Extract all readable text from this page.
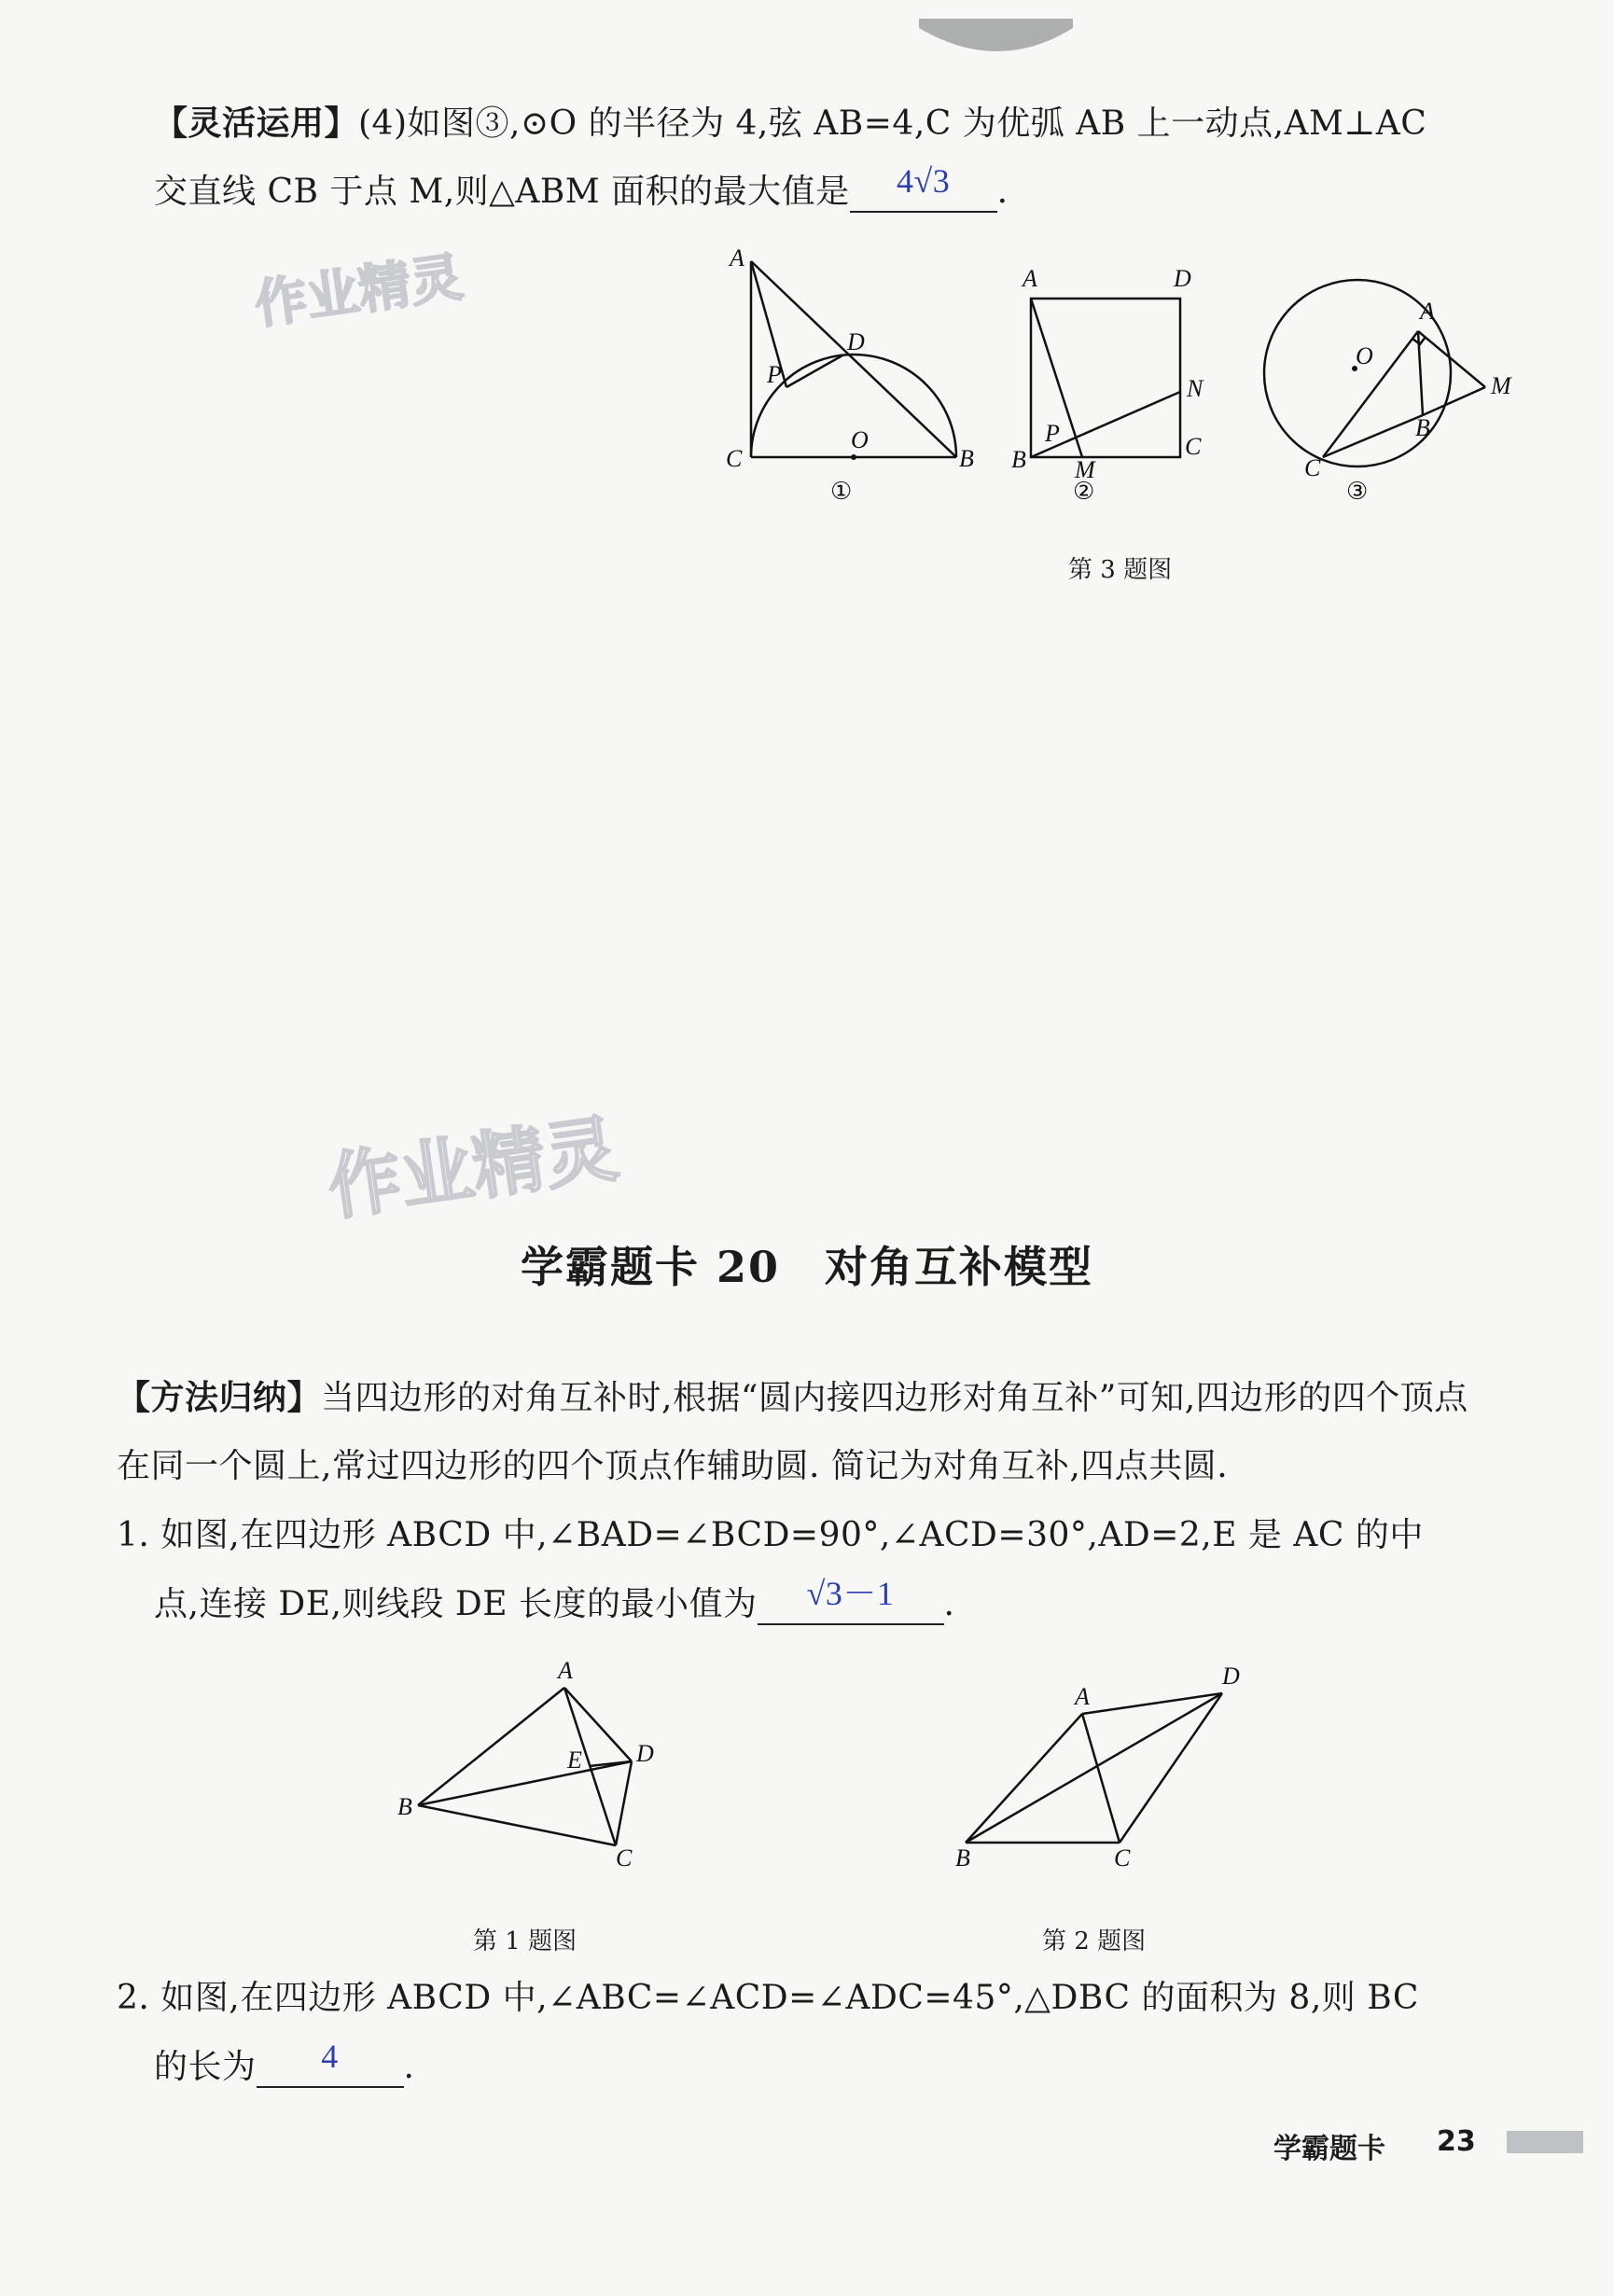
【灵活运用】(4)如图③,⊙O 的半径为 4,弦 AB=4,C 为优弧 AB 上一动点,AM⊥AC
交直线 CB 于点 M,则△ABM 面积的最大值是	4√3	.
作业精灵	A
C	B
D
P
O
①
A	D
B	C
N
P
M
②
A
O
B
C
M
③
第 3 题图
作业精灵
学霸题卡 20　对角互补模型
【方法归纳】当四边形的对角互补时,根据“圆内接四边形对角互补”可知,四边形的四个顶点
在同一个圆上,常过四边形的四个顶点作辅助圆. 简记为对角互补,四点共圆.
1. 如图,在四边形 ABCD 中,∠BAD=∠BCD=90°,∠ACD=30°,AD=2,E 是 AC 的中
点,连接 DE,则线段 DE 长度的最小值为	√3－1	.
A
B
C
D
E
A
D
B	C
第 1 题图	第 2 题图
2. 如图,在四边形 ABCD 中,∠ABC=∠ACD=∠ADC=45°,△DBC 的面积为 8,则 BC
的长为	4	.
学霸题卡 23
